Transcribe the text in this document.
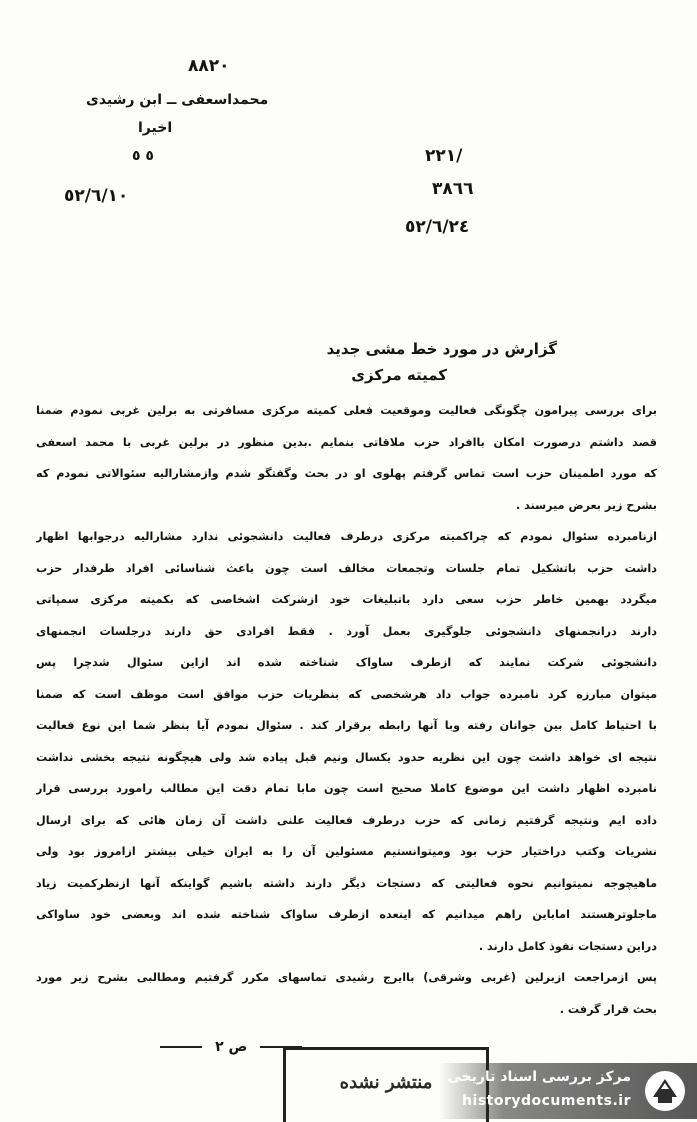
٨٨٢٠
محمداسعفی ــ ابن رشیدی
اخیرا
٥ ٥	٢٢١/
٣٨٦٦
٥٢/٦/١٠
٥٢/٦/٢٤
گزارش در مورد خط مشی جدید
کمیته مرکزی
برای بررسی پیرامون چگونگی فعالیت وموقعیت فعلی کمیته مرکزی مسافرتی به برلین غربی نمودم ضمنا
قصد داشتم درصورت امکان باافراد حزب ملاقاتی بنمایم .بدین منظور در برلین غربی با محمد اسعفی
که مورد اطمینان حزب است تماس گرفتم پهلوی او در بحث وگفتگو شدم وازمشارالیه سئوالاتی نمودم که
بشرح زیر بعرض میرسند .
ازنامبرده سئوال نمودم که چراکمیته مرکزی درطرف فعالیت دانشجوئی ندارد مشارالیه درجوابها اظهار
داشت حزب باتشکیل تمام جلسات وتجمعات مخالف است چون باعث شناسائی افراد طرفدار حزب
میگردد بهمین خاطر حزب سعی دارد باتبلیغات خود ازشرکت اشخاصی که بکمیته مرکزی سمپاتی
دارند درانجمنهای دانشجوئی جلوگیری بعمل آورد . فقط افرادی حق دارند درجلسات انجمنهای
دانشجوئی شرکت نمایند که ازطرف ساواک شناخته شده اند ازاین سئوال شدچرا پس
میتوان مبارزه کرد نامبرده جواب داد هرشخصی که بنظریات حزب موافق است موظف است که ضمنا
با احتیاط کامل بین جوانان رفته وبا آنها رابطه برقرار کند . سئوال نمودم آیا بنظر شما این نوع فعالیت
نتیجه ای خواهد داشت چون این نظریه حدود یکسال ونیم قبل پیاده شد ولی هیچگونه نتیجه بخشی نداشت
نامبرده اظهار داشت این موضوع کاملا صحیح است چون مابا تمام دقت این مطالب رامورد بررسی قرار
داده ایم ونتیجه گرفتیم زمانی که حزب درطرف فعالیت علنی داشت آن زمان هائی که برای ارسال
نشریات وکتب دراختیار حزب بود ومیتوانستیم مسئولین آن را به ایران خیلی بیشتر ازامروز بود ولی
ماهیچوجه نمیتوانیم نحوه فعالیتی که دستجات دیگر دارند داشته باشیم گواینکه آنها ازنظرکمیت زیاد
ماجلوترهستند اماباین راهم میدانیم که اینعده ازطرف ساواک شناخته شده اند وبعضی خود ساواکی
دراین دستجات نفوذ کامل دارند .
پس ازمراجعت ازبرلین (غربی وشرقی) باایرج رشیدی تماسهای مکرر گرفتیم ومطالبی بشرح زیر مورد
بحث قرار گرفت .
ص ٢
منتشر نشده	مرکز بررسی اسناد تاریخی
historydocuments.ir
